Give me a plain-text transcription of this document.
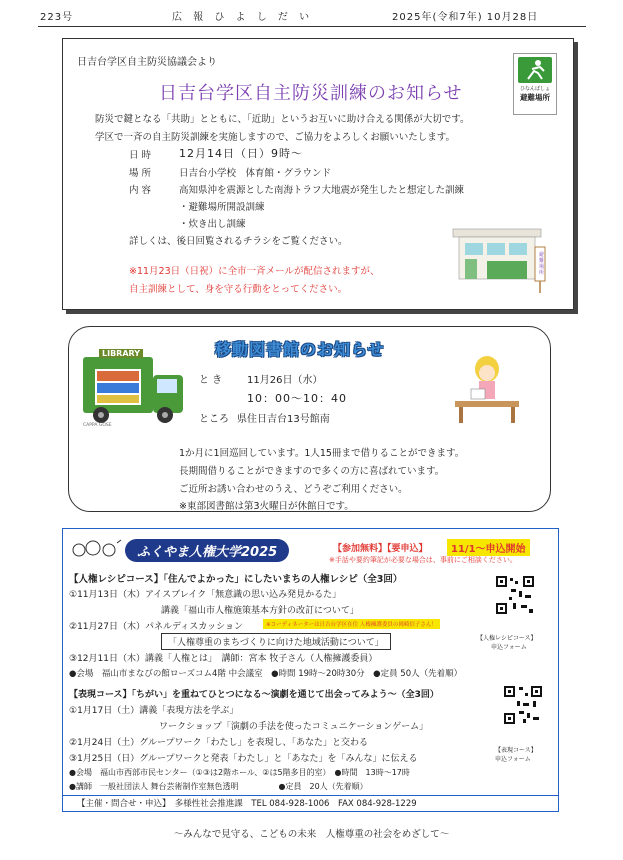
223号	広 報 ひ よ し だ い	2025年(令和7年) 10月28日
日吉台学区自主防災協議会より
日吉台学区自主防災訓練のお知らせ	ひなんばしょ
避難場所
防災で鍵となる「共助」とともに、「近助」というお互いに助け合える関係が大切です。
学区で一斉の自主防災訓練を実施しますので、ご協力をよろしくお願いいたします。
日 時	12月14日（日）9時～
場 所	日吉台小学校　体育館・グラウンド
内 容	高知県沖を震源とした南海トラフ大地震が発生したと想定した訓練
・避難場所開設訓練
・炊き出し訓練
詳しくは、後日回覧されるチラシをご覧ください。
※11月23日（日祝）に全市一斉メールが配信されますが、
自主訓練として、身を守る行動をとってください。
避難場所
移動図書館のお知らせ
LIBRARY
CAPPA GOSE
と き 11月26日（水）
10：00～10：40
ところ 県住日吉台13号館南
1か月に1回巡回しています。1人15冊まで借りることができます。
長期間借りることができますので多くの方に喜ばれています。
ご近所お誘い合わせのうえ、どうぞご利用ください。
※東部図書館は第3火曜日が休館日です。
ふくやま人権大学2025	【参加無料】【要申込】	11/1～申込開始
※手話や要約筆記が必要な場合は、事前にご相談ください。
【人権レシピコース】「住んでよかった」にしたいまちの人権レシピ（全3回）
①11月13日（木）アイスブレイク「無意識の思い込み発見かるた」
講義「福山市人権施策基本方針の改訂について」
②11月27日（木）パネルディスカッション	※コーディネーターは日吉台学区在住 人権擁護委員の岡崎信子さん！
「人権尊重のまちづくりに向けた地域活動について」
③12月11日（木）講義「人権とは」　講師：宮本 牧子さん（人権擁護委員）
●会場　福山市まなびの館ローズコム4階 中会議室　●時間 19時～20時30分　●定員 50人（先着順）
【人権レシピコース】
申込フォーム
【表現コース】「ちがい」を重ねてひとつになる～演劇を通じて出会ってみよう～（全3回）
①1月17日（土）講義「表現方法を学ぶ」
ワークショップ「演劇の手法を使ったコミュニケーションゲーム」
②1月24日（土）グループワーク「わたし」を表現し、「あなた」と交わる
③1月25日（日）グループワークと発表「わたし」と「あなた」を「みんな」に伝える
●会場　福山市西部市民センター（①③は2階ホール、②は5階多目的室）　●時間　13時～17時
●講師　一般社団法人 舞台芸術制作室無色透明　　　　　●定員　20人（先着順）
【表現コース】
申込フォーム
【主催・問合せ・申込】　多様性社会推進課　TEL 084-928-1006　FAX 084-928-1229
～みんなで見守る、こどもの未来　人権尊重の社会をめざして～
